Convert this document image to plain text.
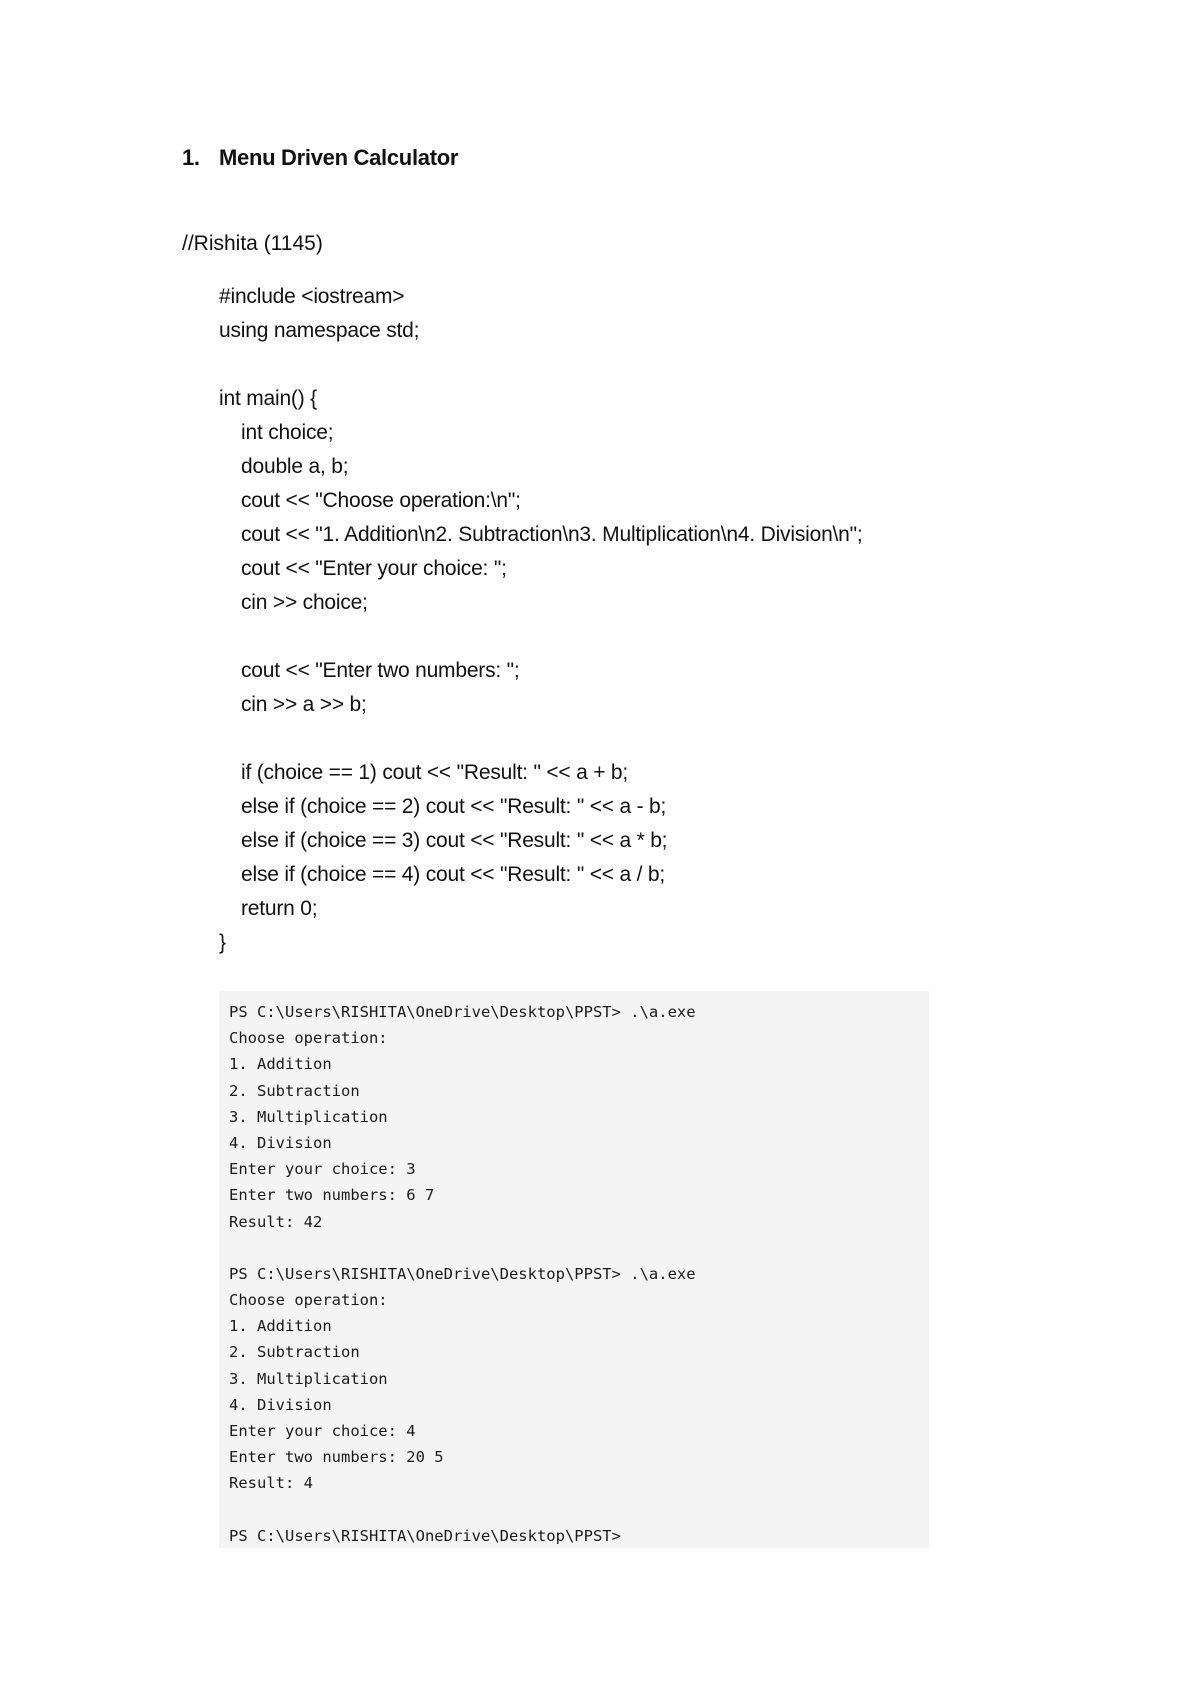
1. Menu Driven Calculator
//Rishita (1145)
#include <iostream>
using namespace std;
int main() {
int choice;
double a, b;
cout << "Choose operation:\n";
cout << "1. Addition\n2. Subtraction\n3. Multiplication\n4. Division\n";
cout << "Enter your choice: ";
cin >> choice;
cout << "Enter two numbers: ";
cin >> a >> b;
if (choice == 1) cout << "Result: " << a + b;
else if (choice == 2) cout << "Result: " << a - b;
else if (choice == 3) cout << "Result: " << a * b;
else if (choice == 4) cout << "Result: " << a / b;
return 0;
}
PS C:\Users\RISHITA\OneDrive\Desktop\PPST> .\a.exe
Choose operation:
1. Addition
2. Subtraction
3. Multiplication
4. Division
Enter your choice: 3
Enter two numbers: 6 7
Result: 42
PS C:\Users\RISHITA\OneDrive\Desktop\PPST> .\a.exe
Choose operation:
1. Addition
2. Subtraction
3. Multiplication
4. Division
Enter your choice: 4
Enter two numbers: 20 5
Result: 4
PS C:\Users\RISHITA\OneDrive\Desktop\PPST>
